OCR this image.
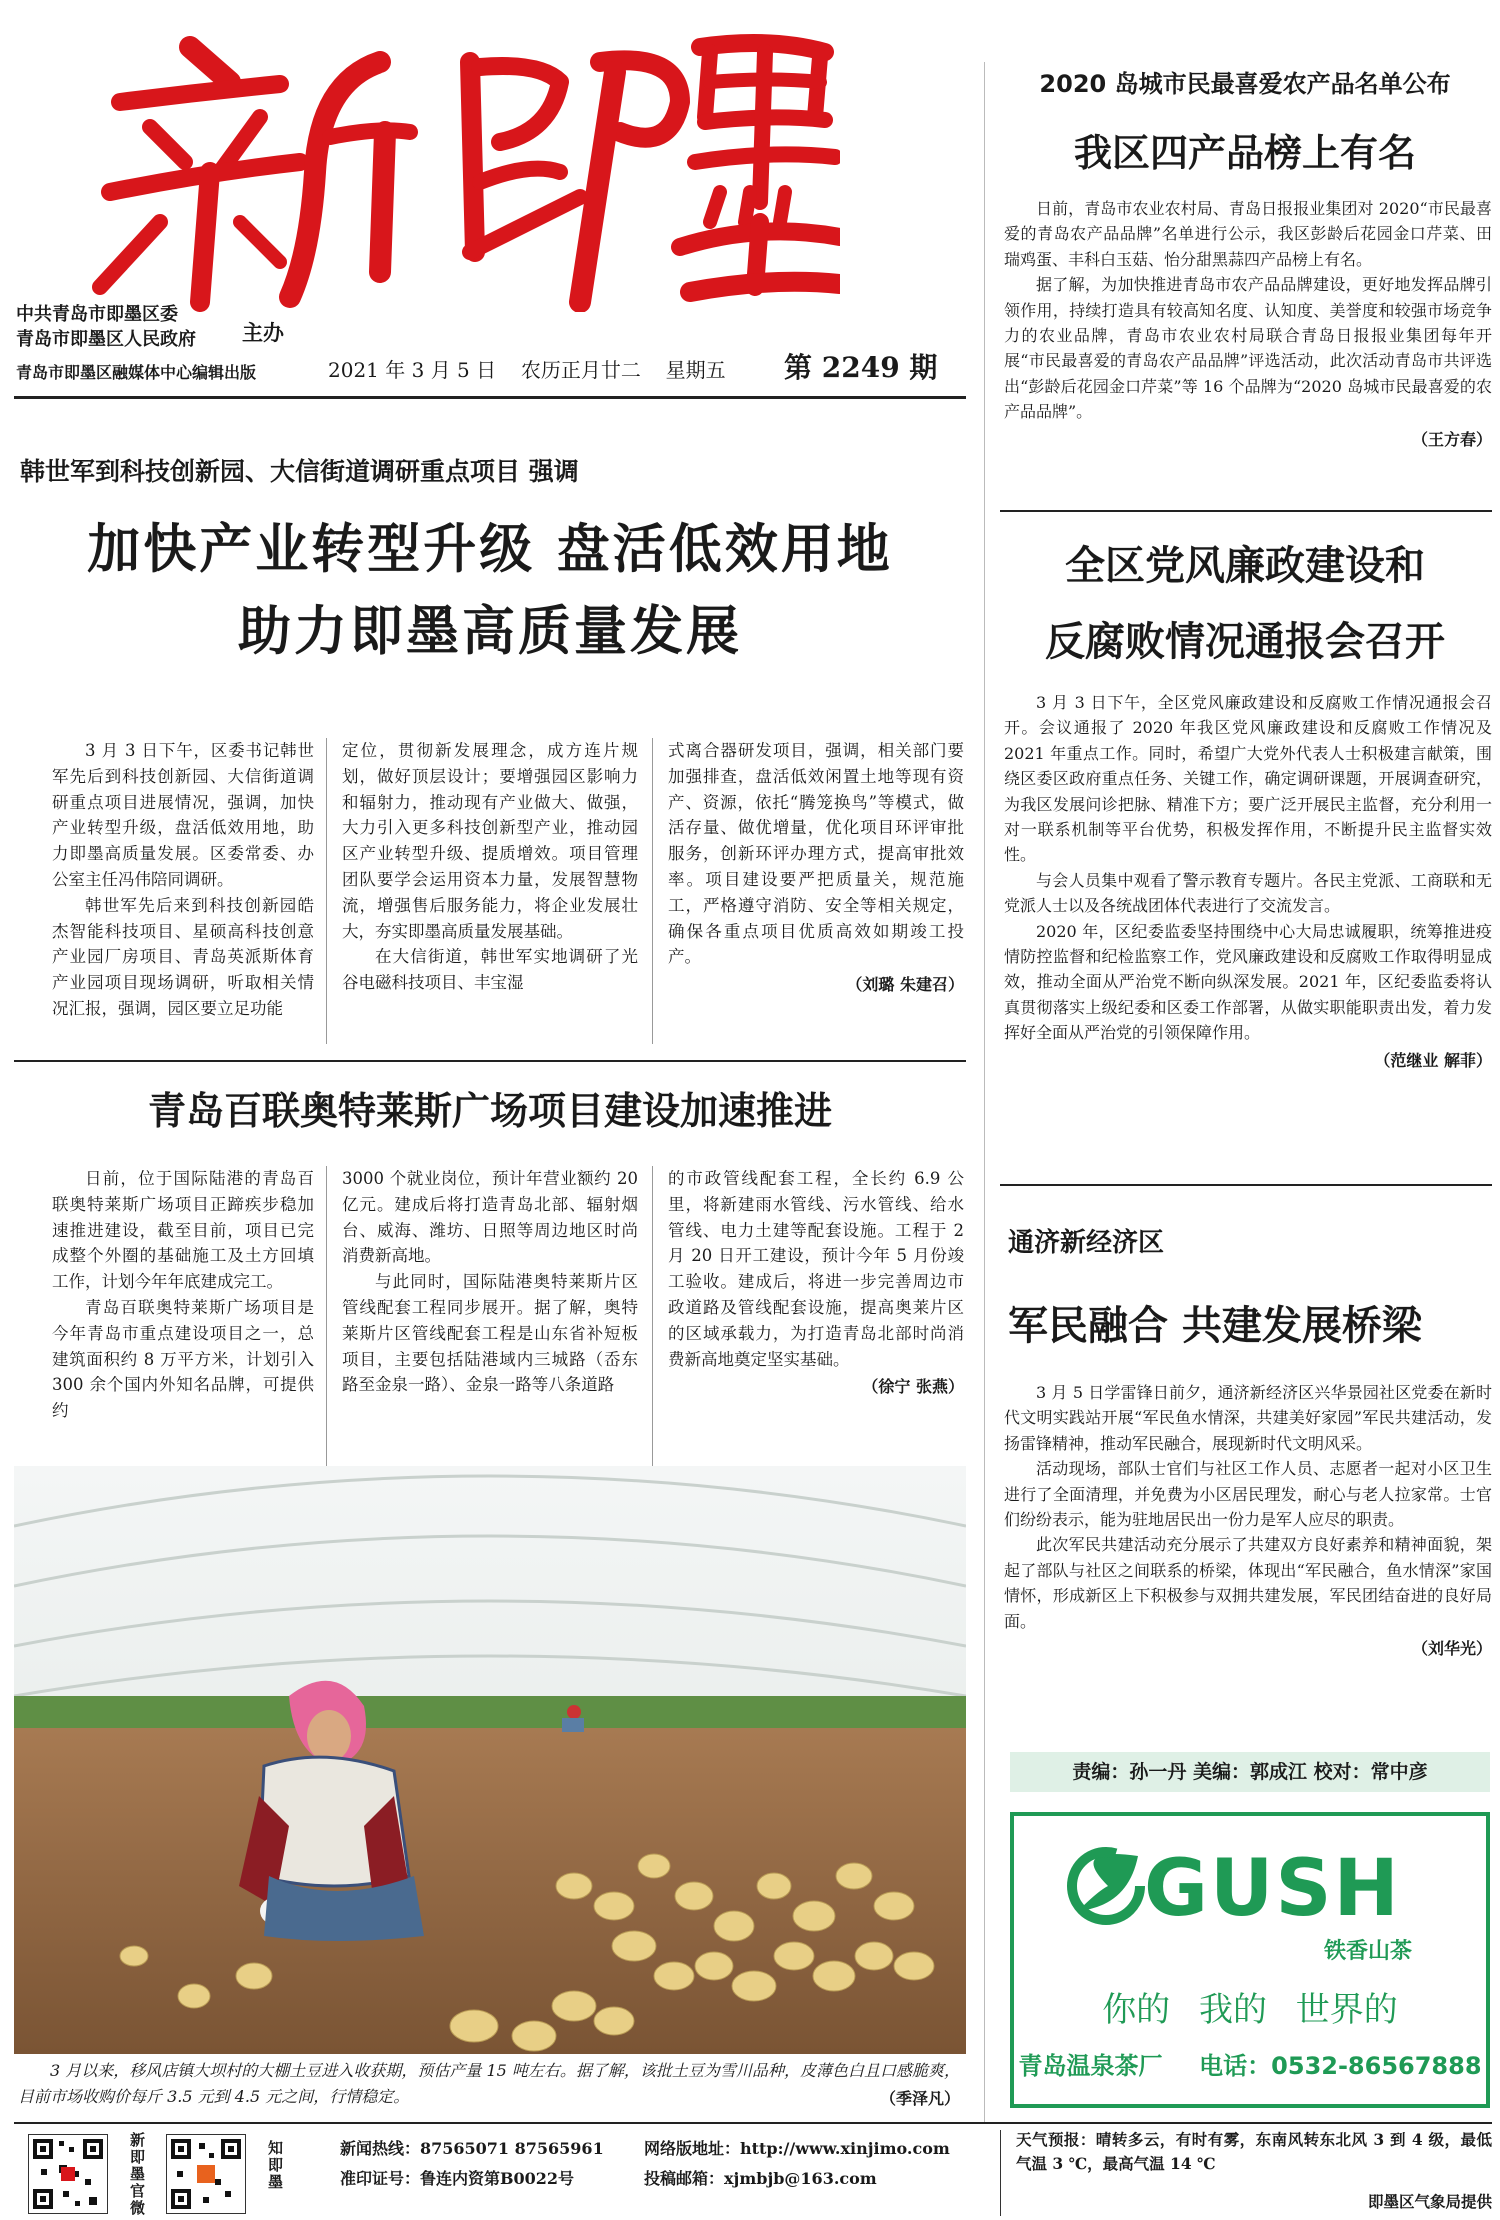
中共青岛市即墨区委
青岛市即墨区人民政府	主办
青岛市即墨区融媒体中心编辑出版	2021 年 3 月 5 日 农历正月廿二 星期五 第 2249 期
韩世军到科技创新园、大信街道调研重点项目 强调
加快产业转型升级 盘活低效用地
助力即墨高质量发展

3 月 3 日下午，区委书记韩世军先后到科技创新园、大信街道调研重点项目进展情况，强调，加快产业转型升级，盘活低效用地，助力即墨高质量发展。区委常委、办公室主任冯伟陪同调研。

韩世军先后来到科技创新园皓杰智能科技项目、星硕高科技创意产业园厂房项目、青岛英派斯体育产业园项目现场调研，听取相关情况汇报，强调，园区要立足功能

定位，贯彻新发展理念，成方连片规划，做好顶层设计；要增强园区影响力和辐射力，推动现有产业做大、做强，大力引入更多科技创新型产业，推动园区产业转型升级、提质增效。项目管理团队要学会运用资本力量，发展智慧物流，增强售后服务能力，将企业发展壮大，夯实即墨高质量发展基础。

在大信街道，韩世军实地调研了光谷电磁科技项目、丰宝湿

式离合器研发项目，强调，相关部门要加强排查，盘活低效闲置土地等现有资产、资源，依托“腾笼换鸟”等模式，做活存量、做优增量，优化项目环评审批服务，创新环评办理方式，提高审批效率。项目建设要严把质量关，规范施工，严格遵守消防、安全等相关规定，确保各重点项目优质高效如期竣工投产。

（刘璐 朱建召）
青岛百联奥特莱斯广场项目建设加速推进

日前，位于国际陆港的青岛百联奥特莱斯广场项目正蹄疾步稳加速推进建设，截至目前，项目已完成整个外圈的基础施工及土方回填工作，计划今年年底建成完工。

青岛百联奥特莱斯广场项目是今年青岛市重点建设项目之一，总建筑面积约 8 万平方米，计划引入 300 余个国内外知名品牌，可提供约

3000 个就业岗位，预计年营业额约 20 亿元。建成后将打造青岛北部、辐射烟台、威海、潍坊、日照等周边地区时尚消费新高地。

与此同时，国际陆港奥特莱斯片区管线配套工程同步展开。据了解，奥特莱斯片区管线配套工程是山东省补短板项目，主要包括陆港域内三城路（岙东路至金泉一路）、金泉一路等八条道路

的市政管线配套工程，全长约 6.9 公里，将新建雨水管线、污水管线、给水管线、电力土建等配套设施。工程于 2 月 20 日开工建设，预计今年 5 月份竣工验收。建成后，将进一步完善周边市政道路及管线配套设施，提高奥莱片区的区域承载力，为打造青岛北部时尚消费新高地奠定坚实基础。

（徐宁 张燕）
3 月以来，移风店镇大坝村的大棚土豆进入收获期，预估产量 15 吨左右。据了解，该批土豆为雪川品种，皮薄色白且口感脆爽，目前市场收购价每斤 3.5 元到 4.5 元之间，行情稳定。	（季泽凡）
2020 岛城市民最喜爱农产品名单公布
我区四产品榜上有名

日前，青岛市农业农村局、青岛日报报业集团对 2020“市民最喜爱的青岛农产品品牌”名单进行公示，我区彭龄后花园金口芹菜、田瑞鸡蛋、丰科白玉菇、怡分甜黑蒜四产品榜上有名。

据了解，为加快推进青岛市农产品品牌建设，更好地发挥品牌引领作用，持续打造具有较高知名度、认知度、美誉度和较强市场竞争力的农业品牌，青岛市农业农村局联合青岛日报报业集团每年开展“市民最喜爱的青岛农产品品牌”评选活动，此次活动青岛市共评选出“彭龄后花园金口芹菜”等 16 个品牌为“2020 岛城市民最喜爱的农产品品牌”。

（王方春）
全区党风廉政建设和
反腐败情况通报会召开

3 月 3 日下午，全区党风廉政建设和反腐败工作情况通报会召开。会议通报了 2020 年我区党风廉政建设和反腐败工作情况及 2021 年重点工作。同时，希望广大党外代表人士积极建言献策，围绕区委区政府重点任务、关键工作，确定调研课题，开展调查研究，为我区发展问诊把脉、精准下方；要广泛开展民主监督，充分利用一对一联系机制等平台优势，积极发挥作用，不断提升民主监督实效性。

与会人员集中观看了警示教育专题片。各民主党派、工商联和无党派人士以及各统战团体代表进行了交流发言。

2020 年，区纪委监委坚持围绕中心大局忠诚履职，统筹推进疫情防控监督和纪检监察工作，党风廉政建设和反腐败工作取得明显成效，推动全面从严治党不断向纵深发展。2021 年，区纪委监委将认真贯彻落实上级纪委和区委工作部署，从做实职能职责出发，着力发挥好全面从严治党的引领保障作用。

（范继业 解菲）
通济新经济区
军民融合 共建发展桥梁

3 月 5 日学雷锋日前夕，通济新经济区兴华景园社区党委在新时代文明实践站开展“军民鱼水情深，共建美好家园”军民共建活动，发扬雷锋精神，推动军民融合，展现新时代文明风采。

活动现场，部队士官们与社区工作人员、志愿者一起对小区卫生进行了全面清理，并免费为小区居民理发，耐心与老人拉家常。士官们纷纷表示，能为驻地居民出一份力是军人应尽的职责。

此次军民共建活动充分展示了共建双方良好素养和精神面貌，架起了部队与社区之间联系的桥梁，体现出“军民融合，鱼水情深”家国情怀，形成新区上下积极参与双拥共建发展，军民团结奋进的良好局面。

（刘华光）
责编：孙一丹 美编：郭成江 校对：常中彦
GUSH
铁香山茶
你的 我的 世界的
青岛温泉茶厂 电话：0532-86567888
新即墨官微
知即墨
新闻热线：87565071 87565961
准印证号：鲁连内资第B0022号
网络版地址：http://www.xinjimo.com
投稿邮箱：xjmbjb@163.com
天气预报：晴转多云，有时有雾，东南风转东北风 3 到 4 级，最低气温 3 ℃，最高气温 14 ℃
即墨区气象局提供
